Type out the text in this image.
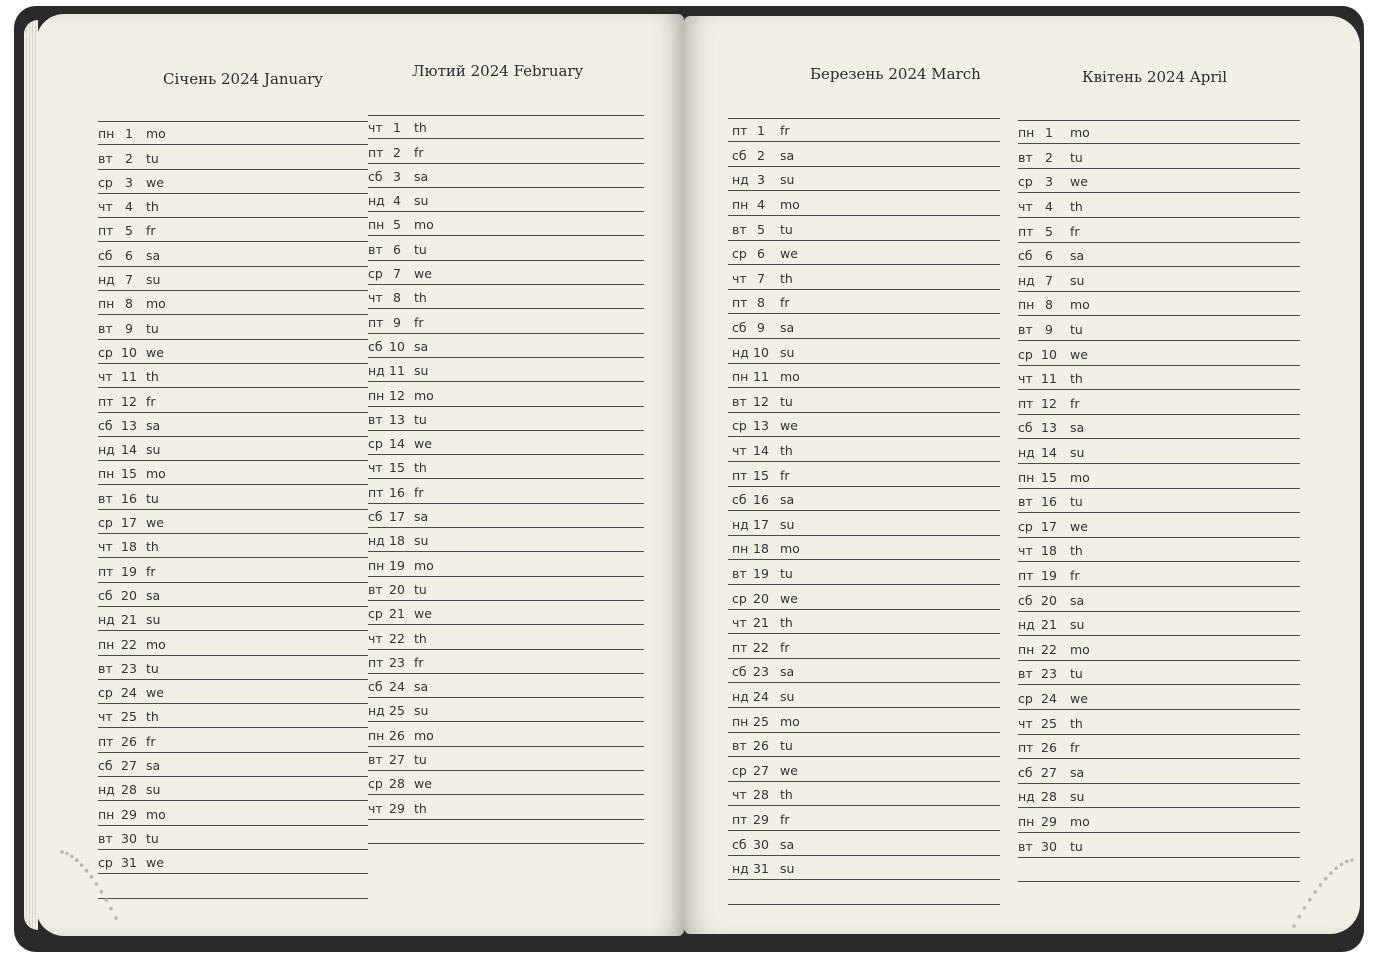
Січень 2024 January	Лютий 2024 February	Березень 2024 March	Квітень 2024 April
пн 1	mo
вт 2	tu
ср 3	we
чт 4	th
пт 5	fr
сб 6	sa
нд 7	su
пн 8	mo
вт 9	tu
ср 10 we
чт 11 th
пт 12 fr
сб 13 sa
нд 14 su
пн 15 mo
вт 16 tu
ср 17 we
чт 18 th
пт 19 fr
сб 20 sa
нд 21 su
пн 22 mo
вт 23 tu
ср 24 we
чт 25 th
пт 26 fr
сб 27 sa
нд 28 su
пн 29 mo
вт 30 tu
ср 31 we
чт 1	th
пт 2	fr
сб 3	sa
нд 4	su
пн 5	mo
вт 6	tu
ср 7	we
чт 8	th
пт 9	fr
сб 10 sa
нд 11 su
пн 12 mo
вт 13 tu
ср 14 we
чт 15 th
пт 16 fr
сб 17 sa
нд 18 su
пн 19 mo
вт 20 tu
ср 21 we
чт 22 th
пт 23 fr
сб 24 sa
нд 25 su
пн 26 mo
вт 27 tu
ср 28 we
чт 29 th
пт 1	fr
сб 2	sa
нд 3	su
пн 4	mo
вт 5	tu
ср 6	we
чт 7	th
пт 8	fr
сб 9	sa
нд 10 su
пн 11 mo
вт 12 tu
ср 13 we
чт 14 th
пт 15 fr
сб 16 sa
нд 17 su
пн 18 mo
вт 19 tu
ср 20 we
чт 21 th
пт 22 fr
сб 23 sa
нд 24 su
пн 25 mo
вт 26 tu
ср 27 we
чт 28 th
пт 29 fr
сб 30 sa
нд 31 su
пн 1	mo
вт 2	tu
ср 3	we
чт 4	th
пт 5	fr
сб 6	sa
нд 7	su
пн 8	mo
вт 9	tu
ср 10 we
чт 11 th
пт 12 fr
сб 13 sa
нд 14 su
пн 15 mo
вт 16 tu
ср 17 we
чт 18 th
пт 19 fr
сб 20 sa
нд 21 su
пн 22 mo
вт 23 tu
ср 24 we
чт 25 th
пт 26 fr
сб 27 sa
нд 28 su
пн 29 mo
вт 30 tu
